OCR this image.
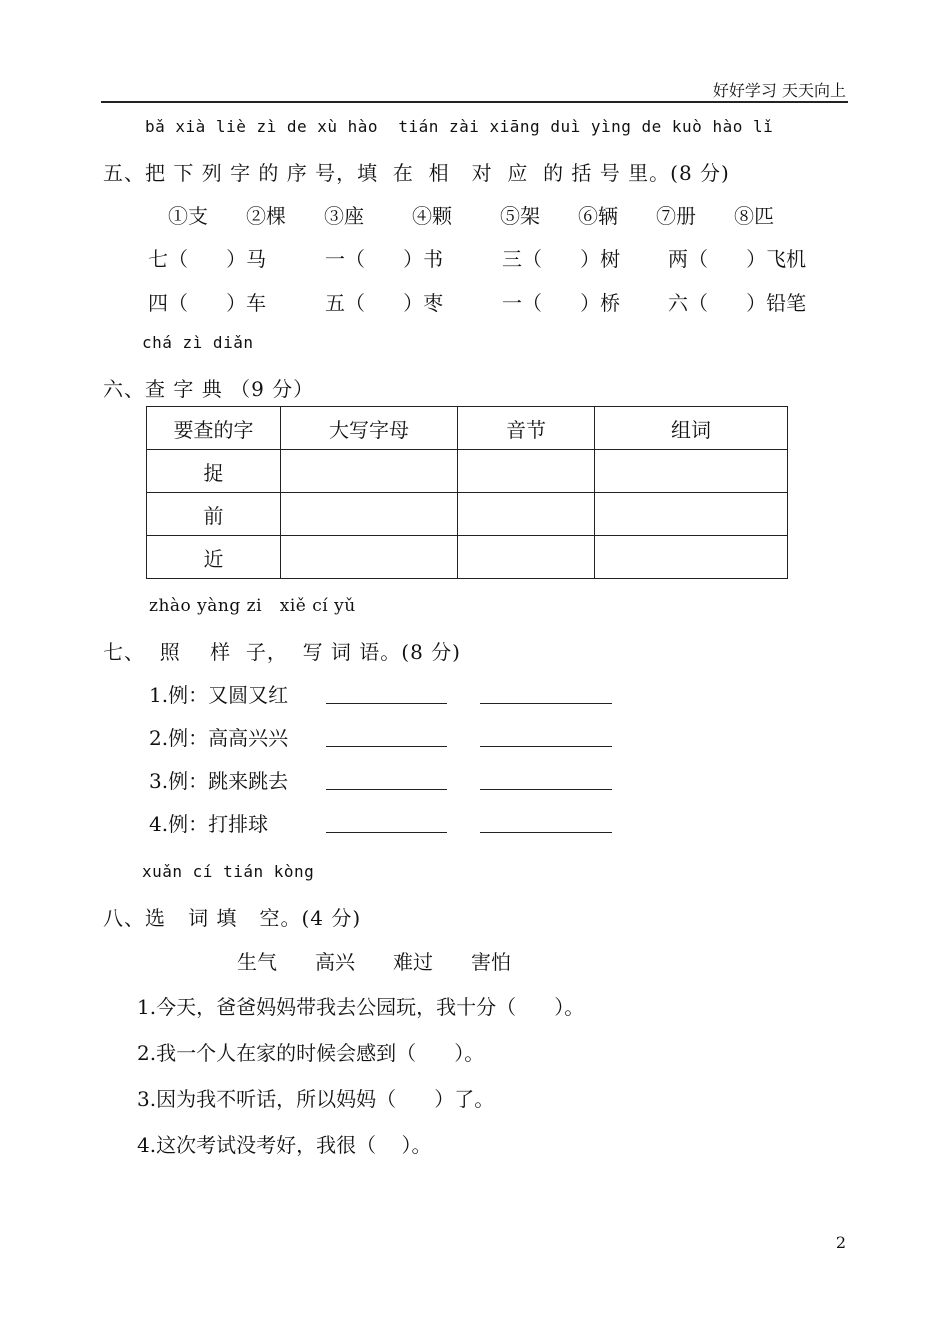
好好学习 天天向上
bǎ xià liè zì de xù hào  tián zài xiāng duì yìng de kuò hào lǐ
五、把 下 列 字 的 序 号，填  在  相   对  应  的 括 号 里。(8 分)
①支	②棵	③座	④颗	⑤架	⑥辆	⑦册	⑧匹
七（      ）马	一（      ）书	三（      ）树	两（      ）飞机
四（      ）车	五（      ）枣	一（      ）桥	六（      ）铅笔
chá zì diǎn
六、查 字 典 （9 分）
要查的字	大写字母	音节	组词
捉			
前			
近			
zhào yàng zi   xiě cí yǔ
七、  照    样  子，  写 词 语。(8 分)
1.例：又圆又红
2.例：高高兴兴
3.例：跳来跳去
4.例：打排球
xuǎn cí tián kòng
八、选   词 填   空。(4 分)
生气	高兴	难过	害怕
1.今天，爸爸妈妈带我去公园玩，我十分（      ）。
2.我一个人在家的时候会感到（      ）。
3.因为我不听话，所以妈妈（      ）了。
4.这次考试没考好，我很（    ）。
2
